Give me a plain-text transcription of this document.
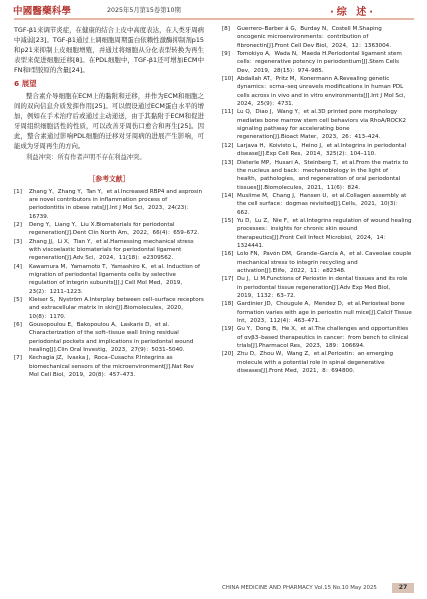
中國醫藥科學	2025年5月第15卷第10期	·综 述·

TGF-β1来调节炎症，在健康的结合上皮中高度表达，在人类牙周病中减弱[23]。TGF-β1通过上调细胞周期蛋白依赖性激酶抑制剂p15和p21来抑制上皮细胞增殖，并通过将细胞从分化表型转换为再生表型来促进细胞迁移[8]。在PDL细胞中，TGF-β1还可增加ECM中FN和I型胶原的含量[24]。

6 展望

整合素介导细胞在ECM上的黏附和迁移，并作为ECM和细胞之间的双向信息介质发挥作用[25]。可以假设通过ECM蛋白水平的增加，例如在手术治疗后或通过主动递送，由于其黏附于ECM和促进牙周组织细胞活性的性质，可以改善牙周伤口愈合和再生[25]。因此，整合素通过影响PDL细胞的迁移对牙周病的进展产生影响，可能成为牙周再生的方向。

利益冲突：所有作者声明不存在利益冲突。

［参考文献］

[1] Zhang Y，Zhang Y，Tan Y，et al.Increased RBP4 and asprosin are novel contributors in inflammation process of periodontitis in obese rats[J].Int J Mol Sci，2023，24(23)：16739.

[2] Deng Y，Liang Y，Liu X.Biomaterials for periodontal regeneration[J].Dent Clin North Am，2022，66(4)：659–672.

[3] Zhang JJ，Li X，Tian Y，et al.Harnessing mechanical stress with viscoelastic biomaterials for periodontal ligament regeneration[J].Adv Sci，2024，11(18)：e2309562.

[4] Kawamura M，Yamamoto T，Yamashiro K，et al. Induction of migration of periodontal ligaments cells by selective regulation of integrin subunits[J].J Cell Mol Med，2019，23(2)：1211–1223.

[5] Kleiser S，Nyström A.Interplay between cell–surface receptors and extracellular matrix in skin[J].Biomolecules，2020，10(8)：1170.

[6] Gousopoulou E，Bakopoulou A，Laskaris D，et al. Characterization of the soft–tissue wall lining residual periodontal pockets and implications in periodontal wound healing[J].Clin Oral Investig，2023，27(9)：5031–5040.

[7] Kechagia JZ，Ivaska J，Roca–Cusachs P.Integrins as biomechanical sensors of the microenvironment[J].Nat Rev Mol Cell Biol，2019，20(8)：457–473.

[8] Guerrero–Barber á G，Burday N，Costell M.Shaping oncogenic microenvironments：contribution of fibronectin[J].Front Cell Dev Biol，2024，12：1363004.

[9] Tomokiyo A，Wada N，Maeda H.Periodontal ligament stem cells：regenerative potency in periodontium[J].Stem Cells Dev，2019，28(15)：974–985.

[10] Abdallah AT，Pritz M，Konermann A.Revealing genetic dynamics：scrna–seq unravels modifications in human PDL cells across in vivo and in vitro environments[J].Int J Mol Sci，2024，25(9)：4731.

[11] Lu Q，Diao J，Wang Y，et al.3D printed pore morphology mediates bone marrow stem cell behaviors via RhoA/ROCK2 signaling pathway for accelerating bone regeneration[J].Bioact Mater，2023，26：413–424.

[12] Larjava H，Koivisto L，Heino J，et al.Integrins in periodontal disease[J].Exp Cell Res，2014，325(2)：104–110.

[13] Dieterle MP，Husari A，Steinberg T，et al.From the matrix to the nucleus and back：mechanobiology in the light of health，pathologies，and regeneration of oral periodontal tissues[J].Biomolecules，2021，11(6)：824.

[14] Musiime M，Chang J，Hansen U，et al.Collagen assembly at the cell surface：dogmas revisited[J].Cells，2021，10(3)：662.

[15] Yu D，Lu Z，Nie F，et al.Integrins regulation of wound healing processes：insights for chronic skin wound therapeutics[J].Front Cell Infect Microbiol，2024，14：1324441.

[16] Lolo FN，Pavón DM，Grande–García A，et al. Caveolae couple mechanical stress to integrin recycling and activation[J].Elife，2022，11：e82348.

[17] Du J，Li M.Functions of Periostin in dental tissues and its role in periodontal tissue regeneration[J].Adv Exp Med Biol，2019，1132：63–72.

[18] Gardinier JD，Chougule A，Mendez D，et al.Periosteal bone formation varies with age in periostin null mice[J].Calcif Tissue Int，2023，112(4)：463–471.

[19] Gu Y，Dong B，He X，et al.The challenges and opportunities of αvβ3–based therapeutics in cancer：from bench to clinical trials[J].Pharmacol Res，2023，189：106694.

[20] Zhu D，Zhou W，Wang Z，et al.Periostin：an emerging molecule with a potential role in spinal degenerative diseases[J].Front Med，2021，8：694800.

CHINA MEDICINE AND PHARMACY Vol.15 No.10 May 2025	27
